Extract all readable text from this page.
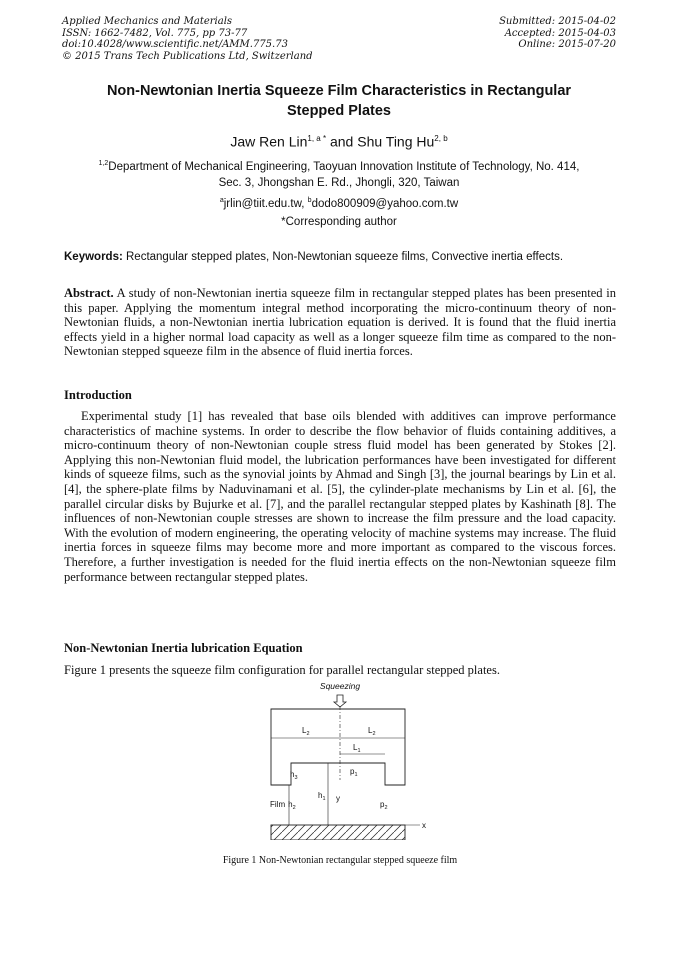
Applied Mechanics and Materials
ISSN: 1662-7482, Vol. 775, pp 73-77
doi:10.4028/www.scientific.net/AMM.775.73
© 2015 Trans Tech Publications Ltd, Switzerland
Submitted: 2015-04-02
Accepted: 2015-04-03
Online: 2015-07-20
Non-Newtonian Inertia Squeeze Film Characteristics in Rectangular
Stepped Plates
Jaw Ren Lin$^{1, a *}$ and Shu Ting Hu$^{2, b}$
$^{1,2}$Department of Mechanical Engineering, Taoyuan Innovation Institute of Technology, No. 414,
Sec. 3, Jhongshan E. Rd., Jhongli, 320, Taiwan
$^a$jrlin@tiit.edu.tw, $^b$dodo800909@yahoo.com.tw
*Corresponding author
Keywords: Rectangular stepped plates, Non-Newtonian squeeze films, Convective inertia effects.
Abstract. A study of non-Newtonian inertia squeeze film in rectangular stepped plates has been presented in this paper. Applying the momentum integral method incorporating the micro-continuum theory of non-Newtonian fluids, a non-Newtonian inertia lubrication equation is derived. It is found that the fluid inertia effects yield in a higher normal load capacity as well as a longer squeeze film time as compared to the non-Newtonian stepped squeeze film in the absence of fluid inertia forces.
Introduction
Experimental study [1] has revealed that base oils blended with additives can improve performance characteristics of machine systems. In order to describe the flow behavior of fluids containing additives, a micro-continuum theory of non-Newtonian couple stress fluid model has been generated by Stokes [2]. Applying this non-Newtonian fluid model, the lubrication performances have been investigated for different kinds of squeeze films, such as the synovial joints by Ahmad and Singh [3], the journal bearings by Lin et al. [4], the sphere-plate films by Naduvinamani et al. [5], the cylinder-plate mechanisms by Lin et al. [6], the parallel circular disks by Bujurke et al. [7], and the parallel rectangular stepped plates by Kashinath [8]. The influences of non-Newtonian couple stresses are shown to increase the film pressure and the load capacity. With the evolution of modern engineering, the operating velocity of machine systems may increase. The fluid inertia forces in squeeze films may become more and more important as compared to the viscous forces. Therefore, a further investigation is needed for the fluid inertia effects on the non-Newtonian squeeze film performance between rectangular stepped plates.
Non-Newtonian Inertia lubrication Equation
Figure 1 presents the squeeze film configuration for parallel rectangular stepped plates.
Squeezing
$L_2$	$L_2$
$L_1$
$h_3$
$p_1$
$h_1$ y
Film $h_2$	$p_2$
x
Figure 1 Non-Newtonian rectangular stepped squeeze film
